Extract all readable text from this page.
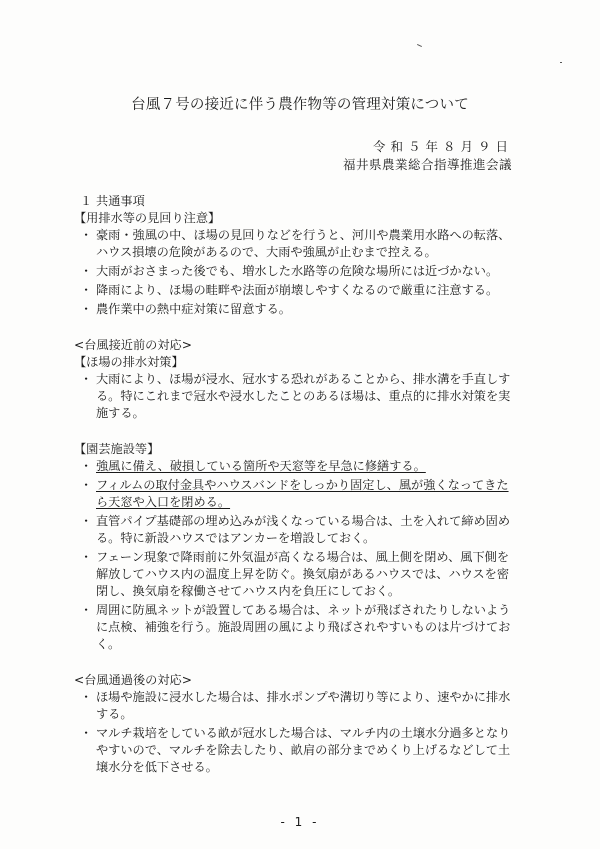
台風７号の接近に伴う農作物等の管理対策について
令和５年８月９日
福井県農業総合指導推進会議

１ 共通事項

【用排水等の見回り注意】

・ 豪雨・強風の中、ほ場の見回りなどを行うと、河川や農業用水路への転落、ハウス損壊の危険があるので、大雨や強風が止むまで控える。
・ 大雨がおさまった後でも、増水した水路等の危険な場所には近づかない。
・ 降雨により、ほ場の畦畔や法面が崩壊しやすくなるので厳重に注意する。
・ 農作業中の熱中症対策に留意する。

<台風接近前の対応>

【ほ場の排水対策】

・ 大雨により、ほ場が浸水、冠水する恐れがあることから、排水溝を手直しする。特にこれまで冠水や浸水したことのあるほ場は、重点的に排水対策を実施する。

【園芸施設等】

・ 強風に備え、破損している箇所や天窓等を早急に修繕する。
・ フィルムの取付金具やハウスバンドをしっかり固定し、風が強くなってきたら天窓や入口を閉める。
・ 直管パイプ基礎部の埋め込みが浅くなっている場合は、土を入れて締め固める。特に新設ハウスではアンカーを増設しておく。
・ フェーン現象で降雨前に外気温が高くなる場合は、風上側を閉め、風下側を解放してハウス内の温度上昇を防ぐ。換気扇があるハウスでは、ハウスを密閉し、換気扇を稼働させてハウス内を負圧にしておく。
・ 周囲に防風ネットが設置してある場合は、ネットが飛ばされたりしないように点検、補強を行う。施設周囲の風により飛ばされやすいものは片づけておく。

<台風通過後の対応>

・ ほ場や施設に浸水した場合は、排水ポンプや溝切り等により、速やかに排水する。
・ マルチ栽培をしている畝が冠水した場合は、マルチ内の土壌水分過多となりやすいので、マルチを除去したり、畝肩の部分までめくり上げるなどして土壌水分を低下させる。
- 1 -
